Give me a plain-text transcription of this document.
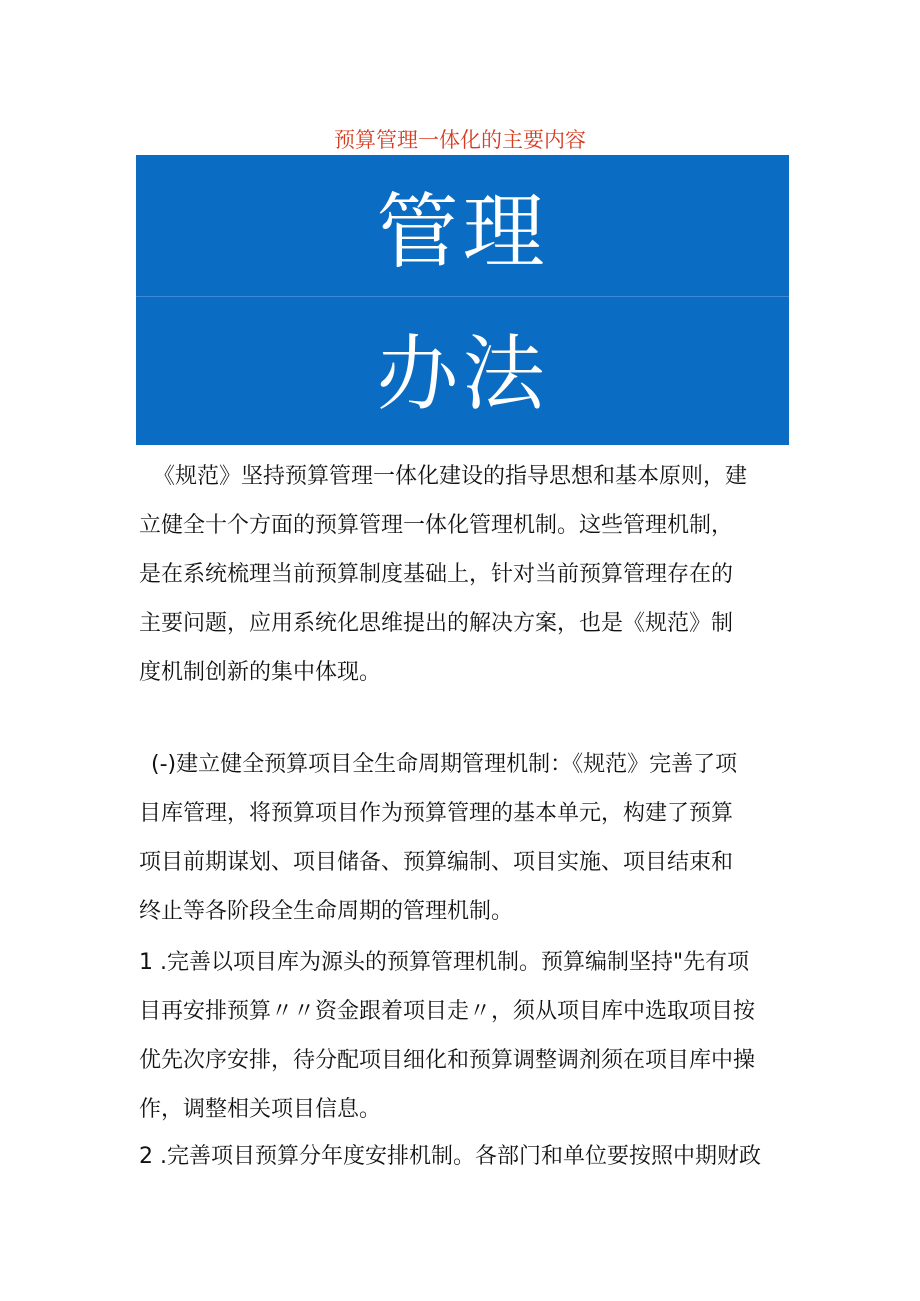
预算管理一体化的主要内容
管理
办法
《规范》坚持预算管理一体化建设的指导思想和基本原则，建
立健全十个方面的预算管理一体化管理机制。这些管理机制，
是在系统梳理当前预算制度基础上，针对当前预算管理存在的
主要问题，应用系统化思维提出的解决方案，也是《规范》制
度机制创新的集中体现。
(-)建立健全预算项目全生命周期管理机制：《规范》完善了项
目库管理，将预算项目作为预算管理的基本单元，构建了预算
项目前期谋划、项目储备、预算编制、项目实施、项目结束和
终止等各阶段全生命周期的管理机制。
1 .完善以项目库为源头的预算管理机制。预算编制坚持"先有项
目再安排预算〃〃资金跟着项目走〃，须从项目库中选取项目按
优先次序安排，待分配项目细化和预算调整调剂须在项目库中操
作，调整相关项目信息。
2 .完善项目预算分年度安排机制。各部门和单位要按照中期财政
